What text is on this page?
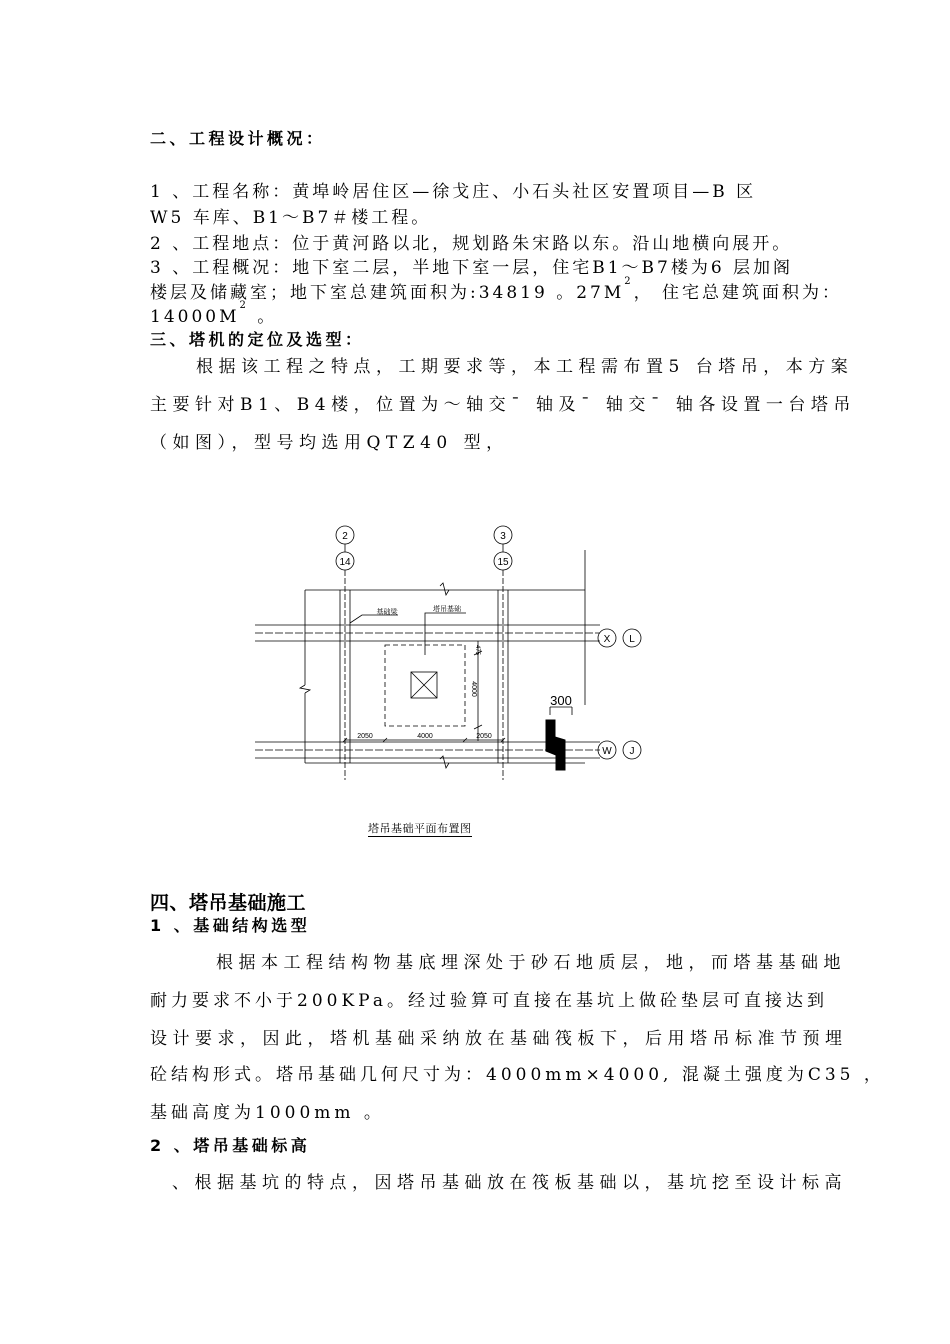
二、工程设计概况：
1 、工程名称：黄埠岭居住区—徐戈庄、小石头社区安置项目—B 区
W5 车库、B1～B7＃楼工程。
2 、工程地点：位于黄河路以北，规划路朱宋路以东。沿山地横向展开。
3 、工程概况：地下室二层，半地下室一层，住宅B1～B7楼为6 层加阁
楼层及储藏室；地下室总建筑面积为:34819 。$27M^2$， 住宅总建筑面积为：
$14000M^2$ 。
三、塔机的定位及选型：
根据该工程之特点，工期要求等，本工程需布置5 台塔吊，本方案
主要针对B1、B4楼，位置为～轴交ˉ 轴及ˉ 轴交ˉ 轴各设置一台塔吊
（如图），型号均选用QTZ40 型，
2
14
3
15
X L
W J
基础梁	塔吊基础
2050	4000	2050
4000
475
300
塔吊基础平面布置图
四、塔吊基础施工
1 、基础结构选型
根据本工程结构物基底埋深处于砂石地质层，地，而塔基基础地
耐力要求不小于200KPa。经过验算可直接在基坑上做砼垫层可直接达到
设计要求，因此，塔机基础采纳放在基础筏板下，后用塔吊标准节预埋
砼结构形式。塔吊基础几何尺寸为：4000mm×4000, 混凝土强度为C35 ，
基础高度为1000mm 。
2 、塔吊基础标高
、根据基坑的特点，因塔吊基础放在筏板基础以，基坑挖至设计标高
